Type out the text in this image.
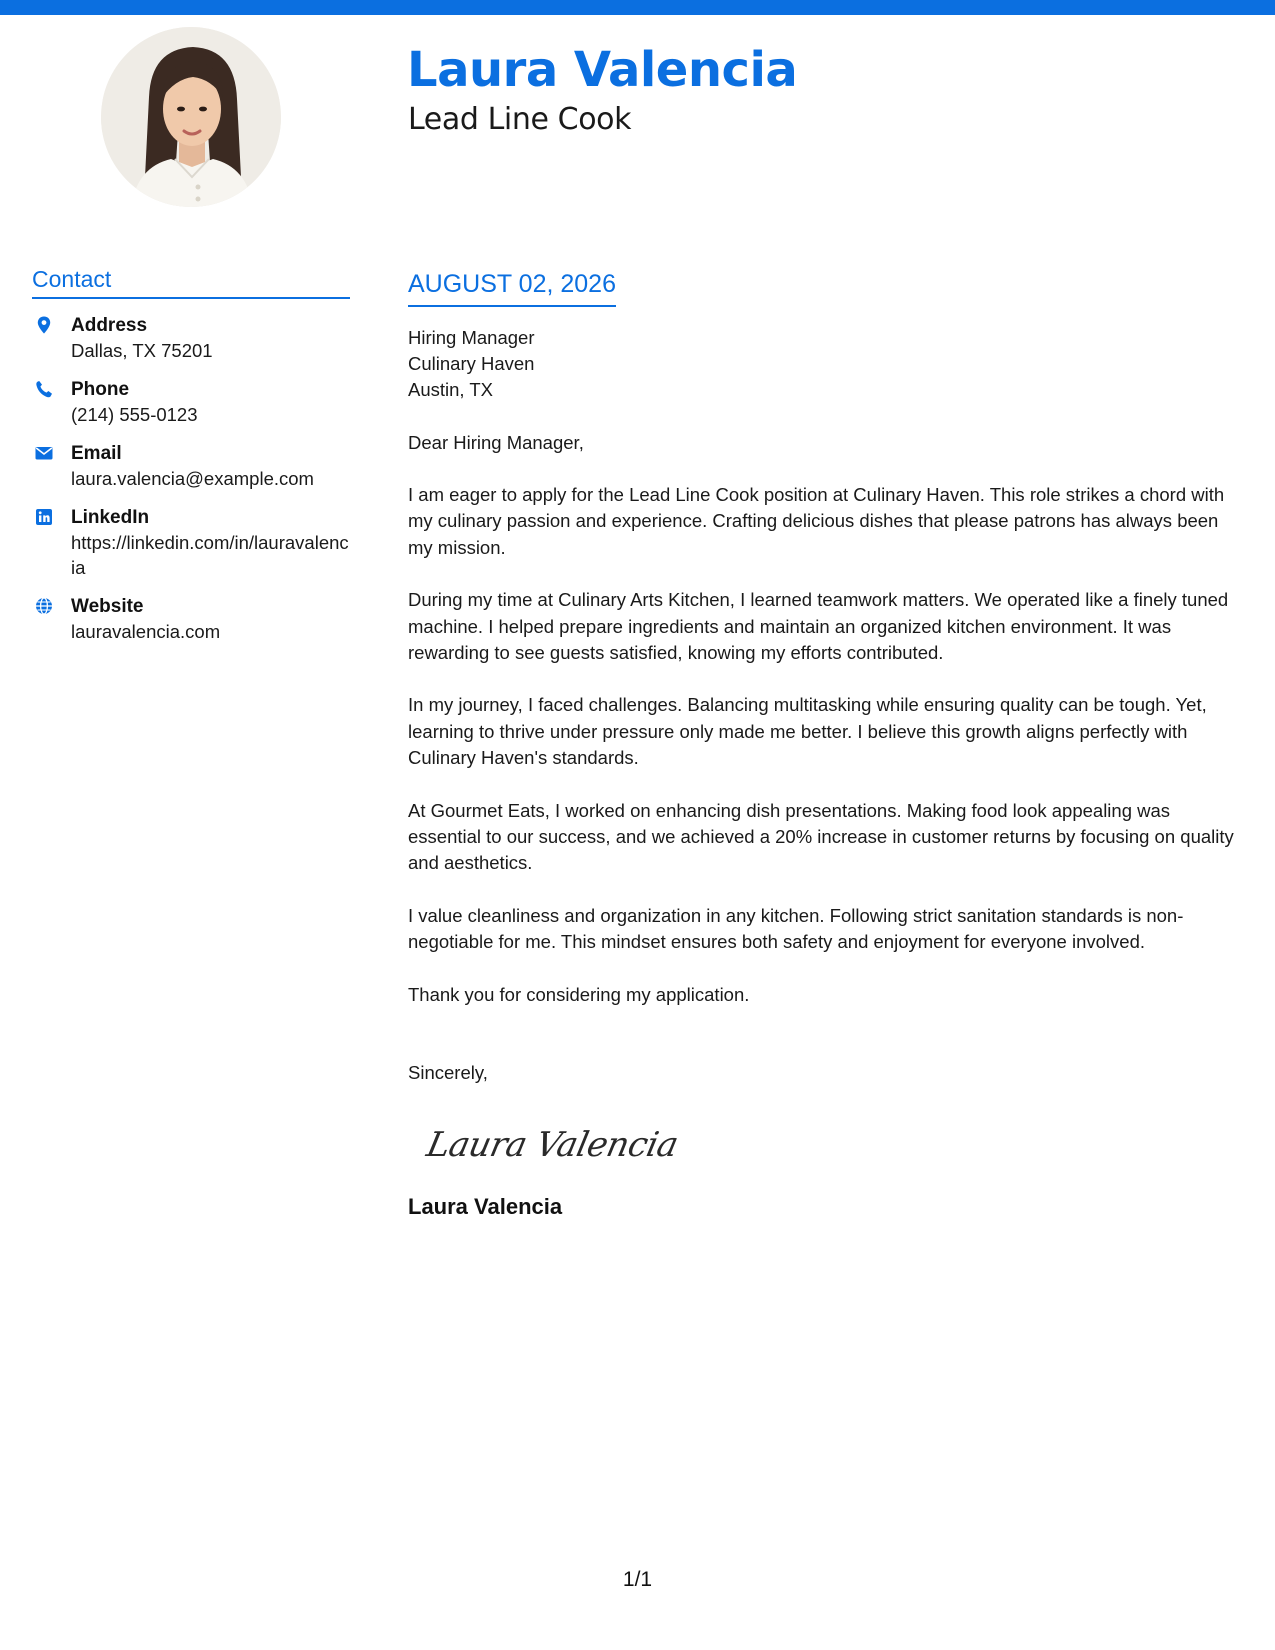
Laura Valencia
Lead Line Cook
Contact
Address
Dallas, TX 75201
Phone
(214) 555-0123
Email
laura.valencia@example.com
LinkedIn
https://linkedin.com/in/lauravalencia
Website
lauravalencia.com
AUGUST 02, 2026
Hiring Manager
Culinary Haven
Austin, TX
Dear Hiring Manager,

I am eager to apply for the Lead Line Cook position at Culinary Haven. This role strikes a chord with my culinary passion and experience. Crafting delicious dishes that please patrons has always been my mission.

During my time at Culinary Arts Kitchen, I learned teamwork matters. We operated like a finely tuned machine. I helped prepare ingredients and maintain an organized kitchen environment. It was rewarding to see guests satisfied, knowing my efforts contributed.

In my journey, I faced challenges. Balancing multitasking while ensuring quality can be tough. Yet, learning to thrive under pressure only made me better. I believe this growth aligns perfectly with Culinary Haven's standards.

At Gourmet Eats, I worked on enhancing dish presentations. Making food look appealing was essential to our success, and we achieved a 20% increase in customer returns by focusing on quality and aesthetics.

I value cleanliness and organization in any kitchen. Following strict sanitation standards is non-negotiable for me. This mindset ensures both safety and enjoyment for everyone involved.

Thank you for considering my application.

Sincerely,
Laura Valencia
Laura Valencia
1/1
